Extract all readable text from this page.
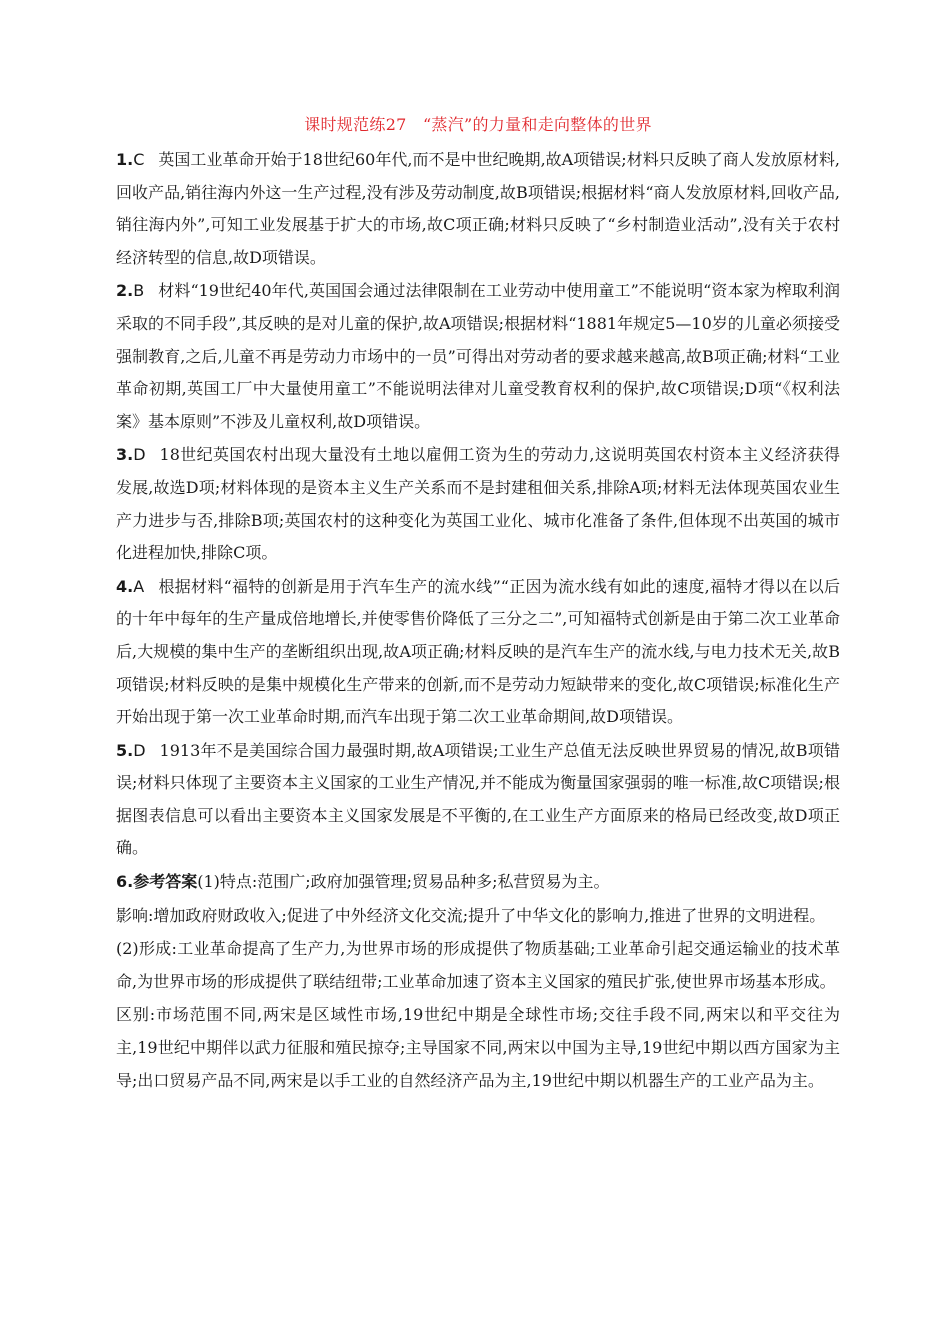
课时规范练27　“蒸汽”的力量和走向整体的世界

1.C 英国工业革命开始于18世纪60年代,而不是中世纪晚期,故A项错误;材料只反映了商人发放原材料,回收产品,销往海内外这一生产过程,没有涉及劳动制度,故B项错误;根据材料“商人发放原材料,回收产品,销往海内外”,可知工业发展基于扩大的市场,故C项正确;材料只反映了“乡村制造业活动”,没有关于农村经济转型的信息,故D项错误。

2.B 材料“19世纪40年代,英国国会通过法律限制在工业劳动中使用童工”不能说明“资本家为榨取利润采取的不同手段”,其反映的是对儿童的保护,故A项错误;根据材料“1881年规定5—10岁的儿童必须接受强制教育,之后,儿童不再是劳动力市场中的一员”可得出对劳动者的要求越来越高,故B项正确;材料“工业革命初期,英国工厂中大量使用童工”不能说明法律对儿童受教育权利的保护,故C项错误;D项“《权利法案》基本原则”不涉及儿童权利,故D项错误。

3.D 18世纪英国农村出现大量没有土地以雇佣工资为生的劳动力,这说明英国农村资本主义经济获得发展,故选D项;材料体现的是资本主义生产关系而不是封建租佃关系,排除A项;材料无法体现英国农业生产力进步与否,排除B项;英国农村的这种变化为英国工业化、城市化准备了条件,但体现不出英国的城市化进程加快,排除C项。

4.A 根据材料“福特的创新是用于汽车生产的流水线”“正因为流水线有如此的速度,福特才得以在以后的十年中每年的生产量成倍地增长,并使零售价降低了三分之二”,可知福特式创新是由于第二次工业革命后,大规模的集中生产的垄断组织出现,故A项正确;材料反映的是汽车生产的流水线,与电力技术无关,故B项错误;材料反映的是集中规模化生产带来的创新,而不是劳动力短缺带来的变化,故C项错误;标准化生产开始出现于第一次工业革命时期,而汽车出现于第二次工业革命期间,故D项错误。

5.D 1913年不是美国综合国力最强时期,故A项错误;工业生产总值无法反映世界贸易的情况,故B项错误;材料只体现了主要资本主义国家的工业生产情况,并不能成为衡量国家强弱的唯一标准,故C项错误;根据图表信息可以看出主要资本主义国家发展是不平衡的,在工业生产方面原来的格局已经改变,故D项正确。

6.参考答案(1)特点:范围广;政府加强管理;贸易品种多;私营贸易为主。

影响:增加政府财政收入;促进了中外经济文化交流;提升了中华文化的影响力,推进了世界的文明进程。

(2)形成:工业革命提高了生产力,为世界市场的形成提供了物质基础;工业革命引起交通运输业的技术革命,为世界市场的形成提供了联结纽带;工业革命加速了资本主义国家的殖民扩张,使世界市场基本形成。

区别:市场范围不同,两宋是区域性市场,19世纪中期是全球性市场;交往手段不同,两宋以和平交往为主,19世纪中期伴以武力征服和殖民掠夺;主导国家不同,两宋以中国为主导,19世纪中期以西方国家为主导;出口贸易产品不同,两宋是以手工业的自然经济产品为主,19世纪中期以机器生产的工业产品为主。
